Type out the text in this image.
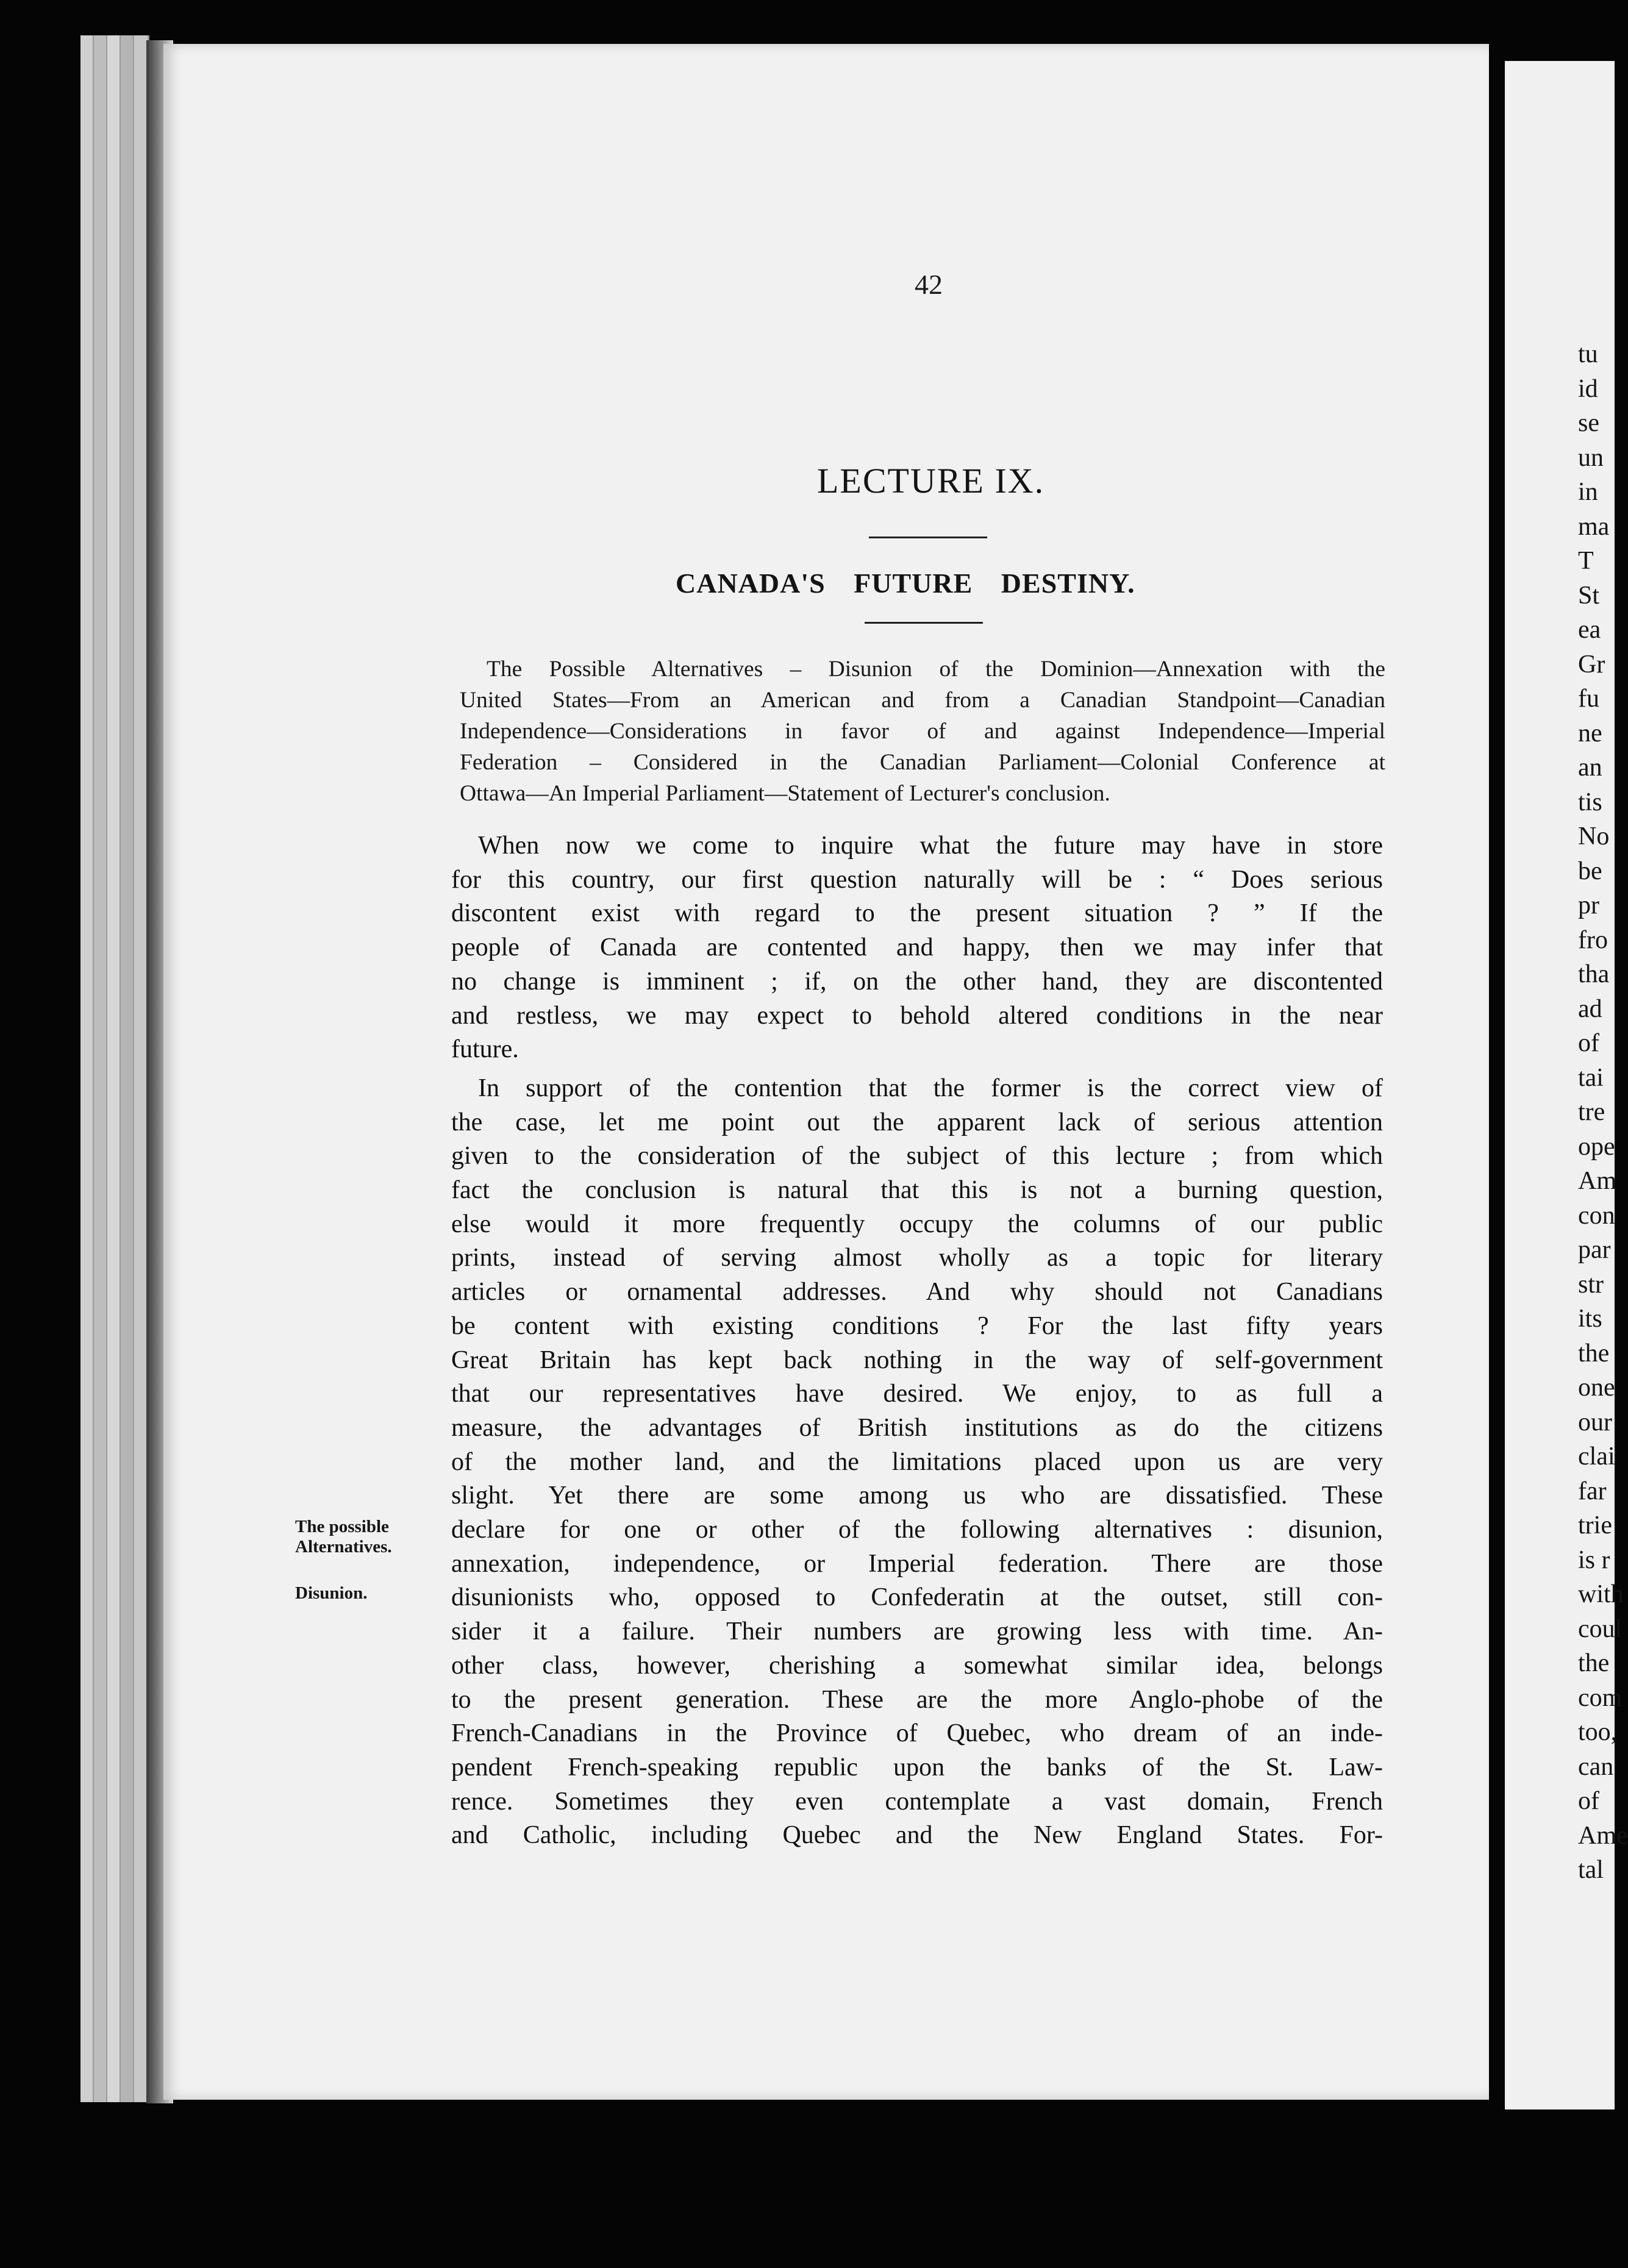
42
LECTURE IX.
CANADA'S FUTURE DESTINY.
The Possible Alternatives – Disunion of the Dominion—Annexation with the
United States—From an American and from a Canadian Standpoint—Canadian
Independence—Considerations in favor of and against Independence—Imperial
Federation – Considered in the Canadian Parliament—Colonial Conference at
Ottawa—An Imperial Parliament—Statement of Lecturer's conclusion.
When now we come to inquire what the future may have in store
for this country, our first question naturally will be : “ Does serious
discontent exist with regard to the present situation ? ” If the
people of Canada are contented and happy, then we may infer that
no change is imminent ; if, on the other hand, they are discontented
and restless, we may expect to behold altered conditions in the near
future.
In support of the contention that the former is the correct view of
the case, let me point out the apparent lack of serious attention
given to the consideration of the subject of this lecture ; from which
fact the conclusion is natural that this is not a burning question,
else would it more frequently occupy the columns of our public
prints, instead of serving almost wholly as a topic for literary
articles or ornamental addresses. And why should not Canadians
be content with existing conditions ? For the last fifty years
Great Britain has kept back nothing in the way of self-government
that our representatives have desired. We enjoy, to as full a
measure, the advantages of British institutions as do the citizens
of the mother land, and the limitations placed upon us are very
slight. Yet there are some among us who are dissatisfied. These
declare for one or other of the following alternatives : disunion,
annexation, independence, or Imperial federation. There are those
disunionists who, opposed to Confederatin at the outset, still con-
sider it a failure. Their numbers are growing less with time. An-
other class, however, cherishing a somewhat similar idea, belongs
to the present generation. These are the more Anglo-phobe of the
French-Canadians in the Province of Quebec, who dream of an inde-
pendent French-speaking republic upon the banks of the St. Law-
rence. Sometimes they even contemplate a vast domain, French
and Catholic, including Quebec and the New England States. For-
The possible
Alternatives.
Disunion.
tu
id
se
un
in
ma
T
St
ea
Gr
fu
ne
an
tis
No
be
pr
fro
tha
ad
of
tai
tre
ope
Am
con
par
str
its
the
one
our
clai
far
trie
is r
with
coul
the
com
too,
can
of
Ame
tal
